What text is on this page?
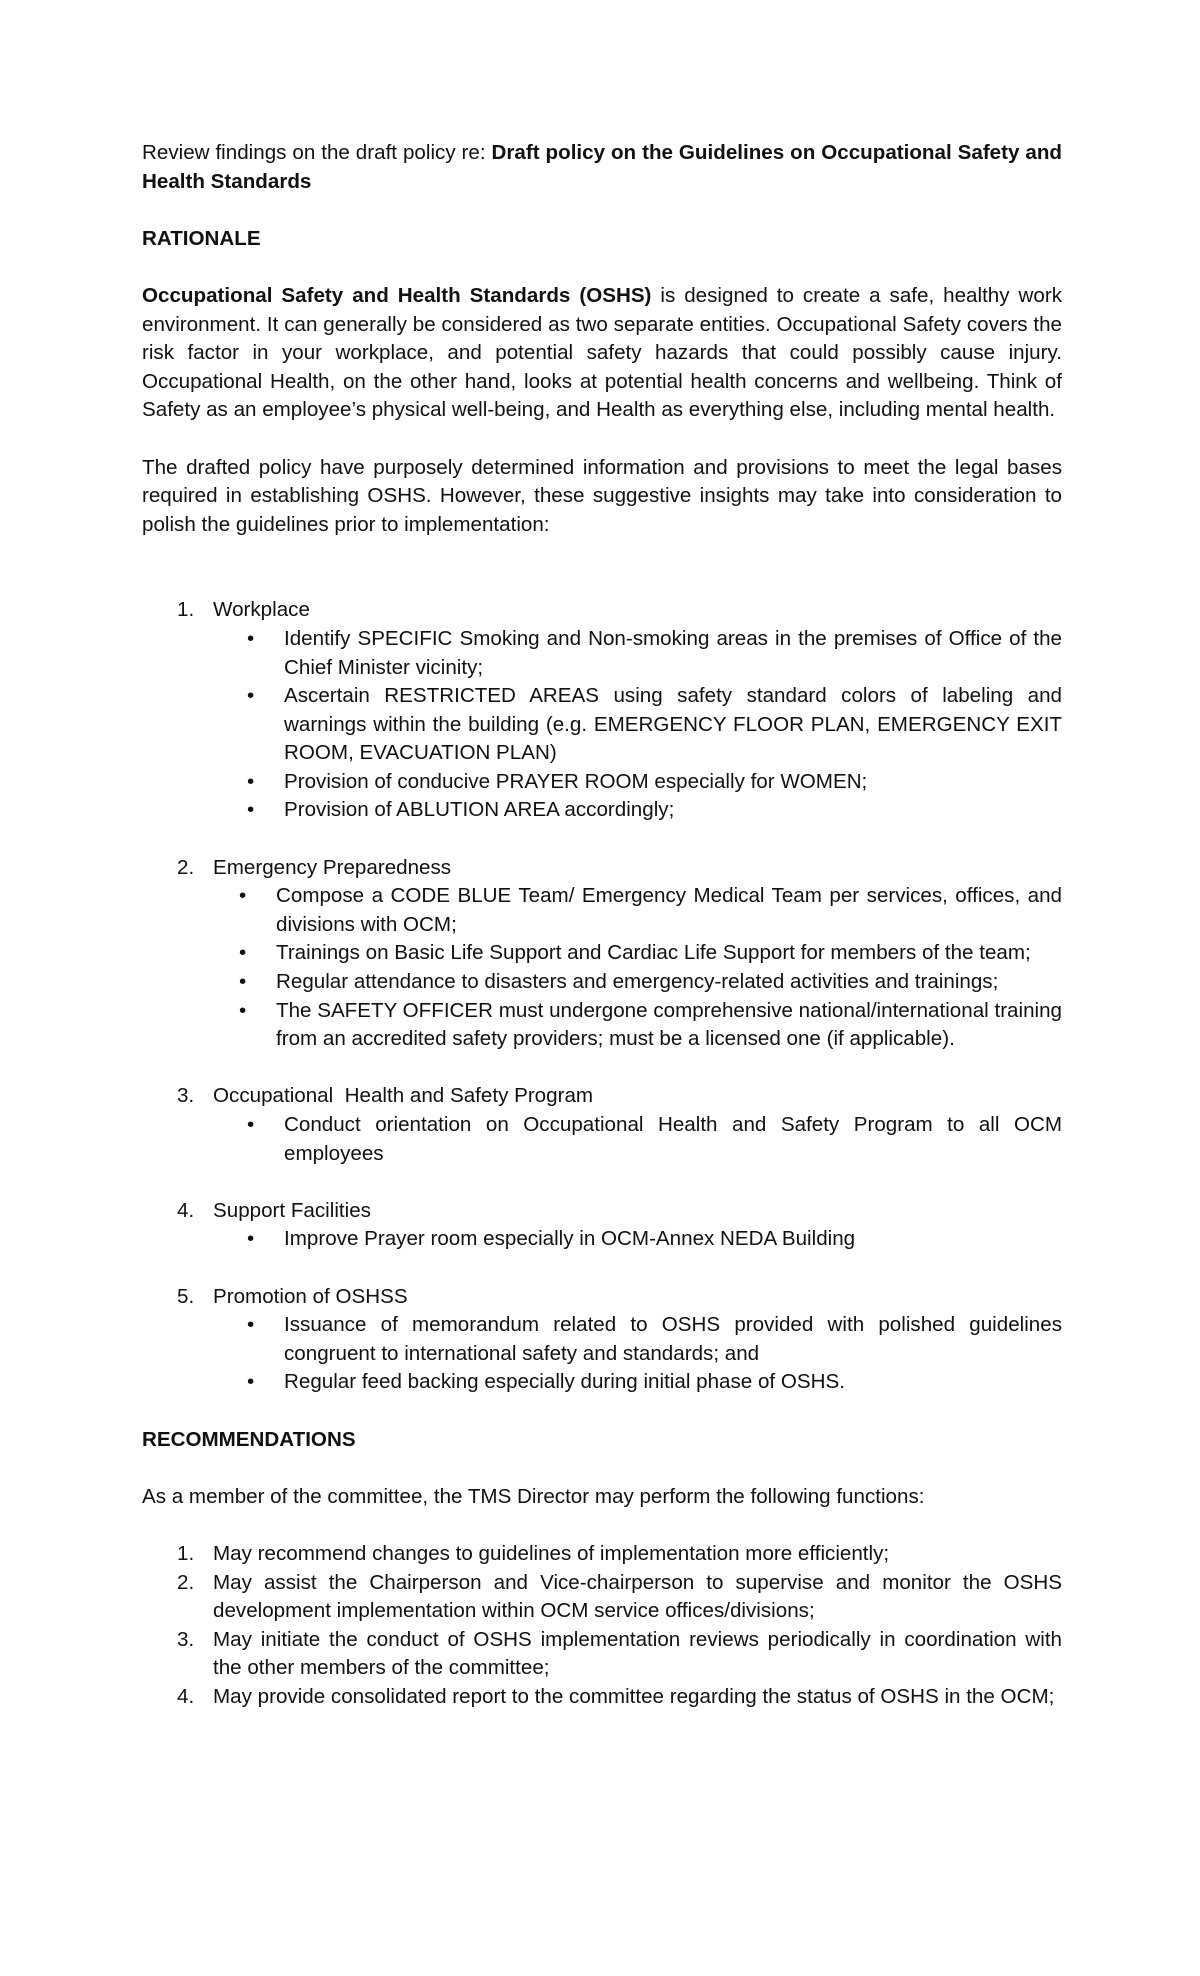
Review findings on the draft policy re: Draft policy on the Guidelines on Occupational Safety and Health Standards

RATIONALE

Occupational Safety and Health Standards (OSHS) is designed to create a safe, healthy work environment. It can generally be considered as two separate entities. Occupational Safety covers the risk factor in your workplace, and potential safety hazards that could possibly cause injury. Occupational Health, on the other hand, looks at potential health concerns and wellbeing. Think of Safety as an employee’s physical well-being, and Health as everything else, including mental health.

The drafted policy have purposely determined information and provisions to meet the legal bases required in establishing OSHS. However, these suggestive insights may take into consideration to polish the guidelines prior to implementation:

1. Workplace
• Identify SPECIFIC Smoking and Non-smoking areas in the premises of Office of the Chief Minister vicinity;
• Ascertain RESTRICTED AREAS using safety standard colors of labeling and warnings within the building (e.g. EMERGENCY FLOOR PLAN, EMERGENCY EXIT ROOM, EVACUATION PLAN)
• Provision of conducive PRAYER ROOM especially for WOMEN;
• Provision of ABLUTION AREA accordingly;
2. Emergency Preparedness
• Compose a CODE BLUE Team/ Emergency Medical Team per services, offices, and divisions with OCM;
• Trainings on Basic Life Support and Cardiac Life Support for members of the team;
• Regular attendance to disasters and emergency-related activities and trainings;
• The SAFETY OFFICER must undergone comprehensive national/international training from an accredited safety providers; must be a licensed one (if applicable).
3. Occupational  Health and Safety Program
• Conduct orientation on Occupational Health and Safety Program to all OCM employees
4. Support Facilities
• Improve Prayer room especially in OCM-Annex NEDA Building
5. Promotion of OSHSS
• Issuance of memorandum related to OSHS provided with polished guidelines congruent to international safety and standards; and
• Regular feed backing especially during initial phase of OSHS.

RECOMMENDATIONS

As a member of the committee, the TMS Director may perform the following functions:

1. May recommend changes to guidelines of implementation more efficiently;
2. May assist the Chairperson and Vice-chairperson to supervise and monitor the OSHS development implementation within OCM service offices/divisions;
3. May initiate the conduct of OSHS implementation reviews periodically in coordination with the other members of the committee;
4. May provide consolidated report to the committee regarding the status of OSHS in the OCM;
